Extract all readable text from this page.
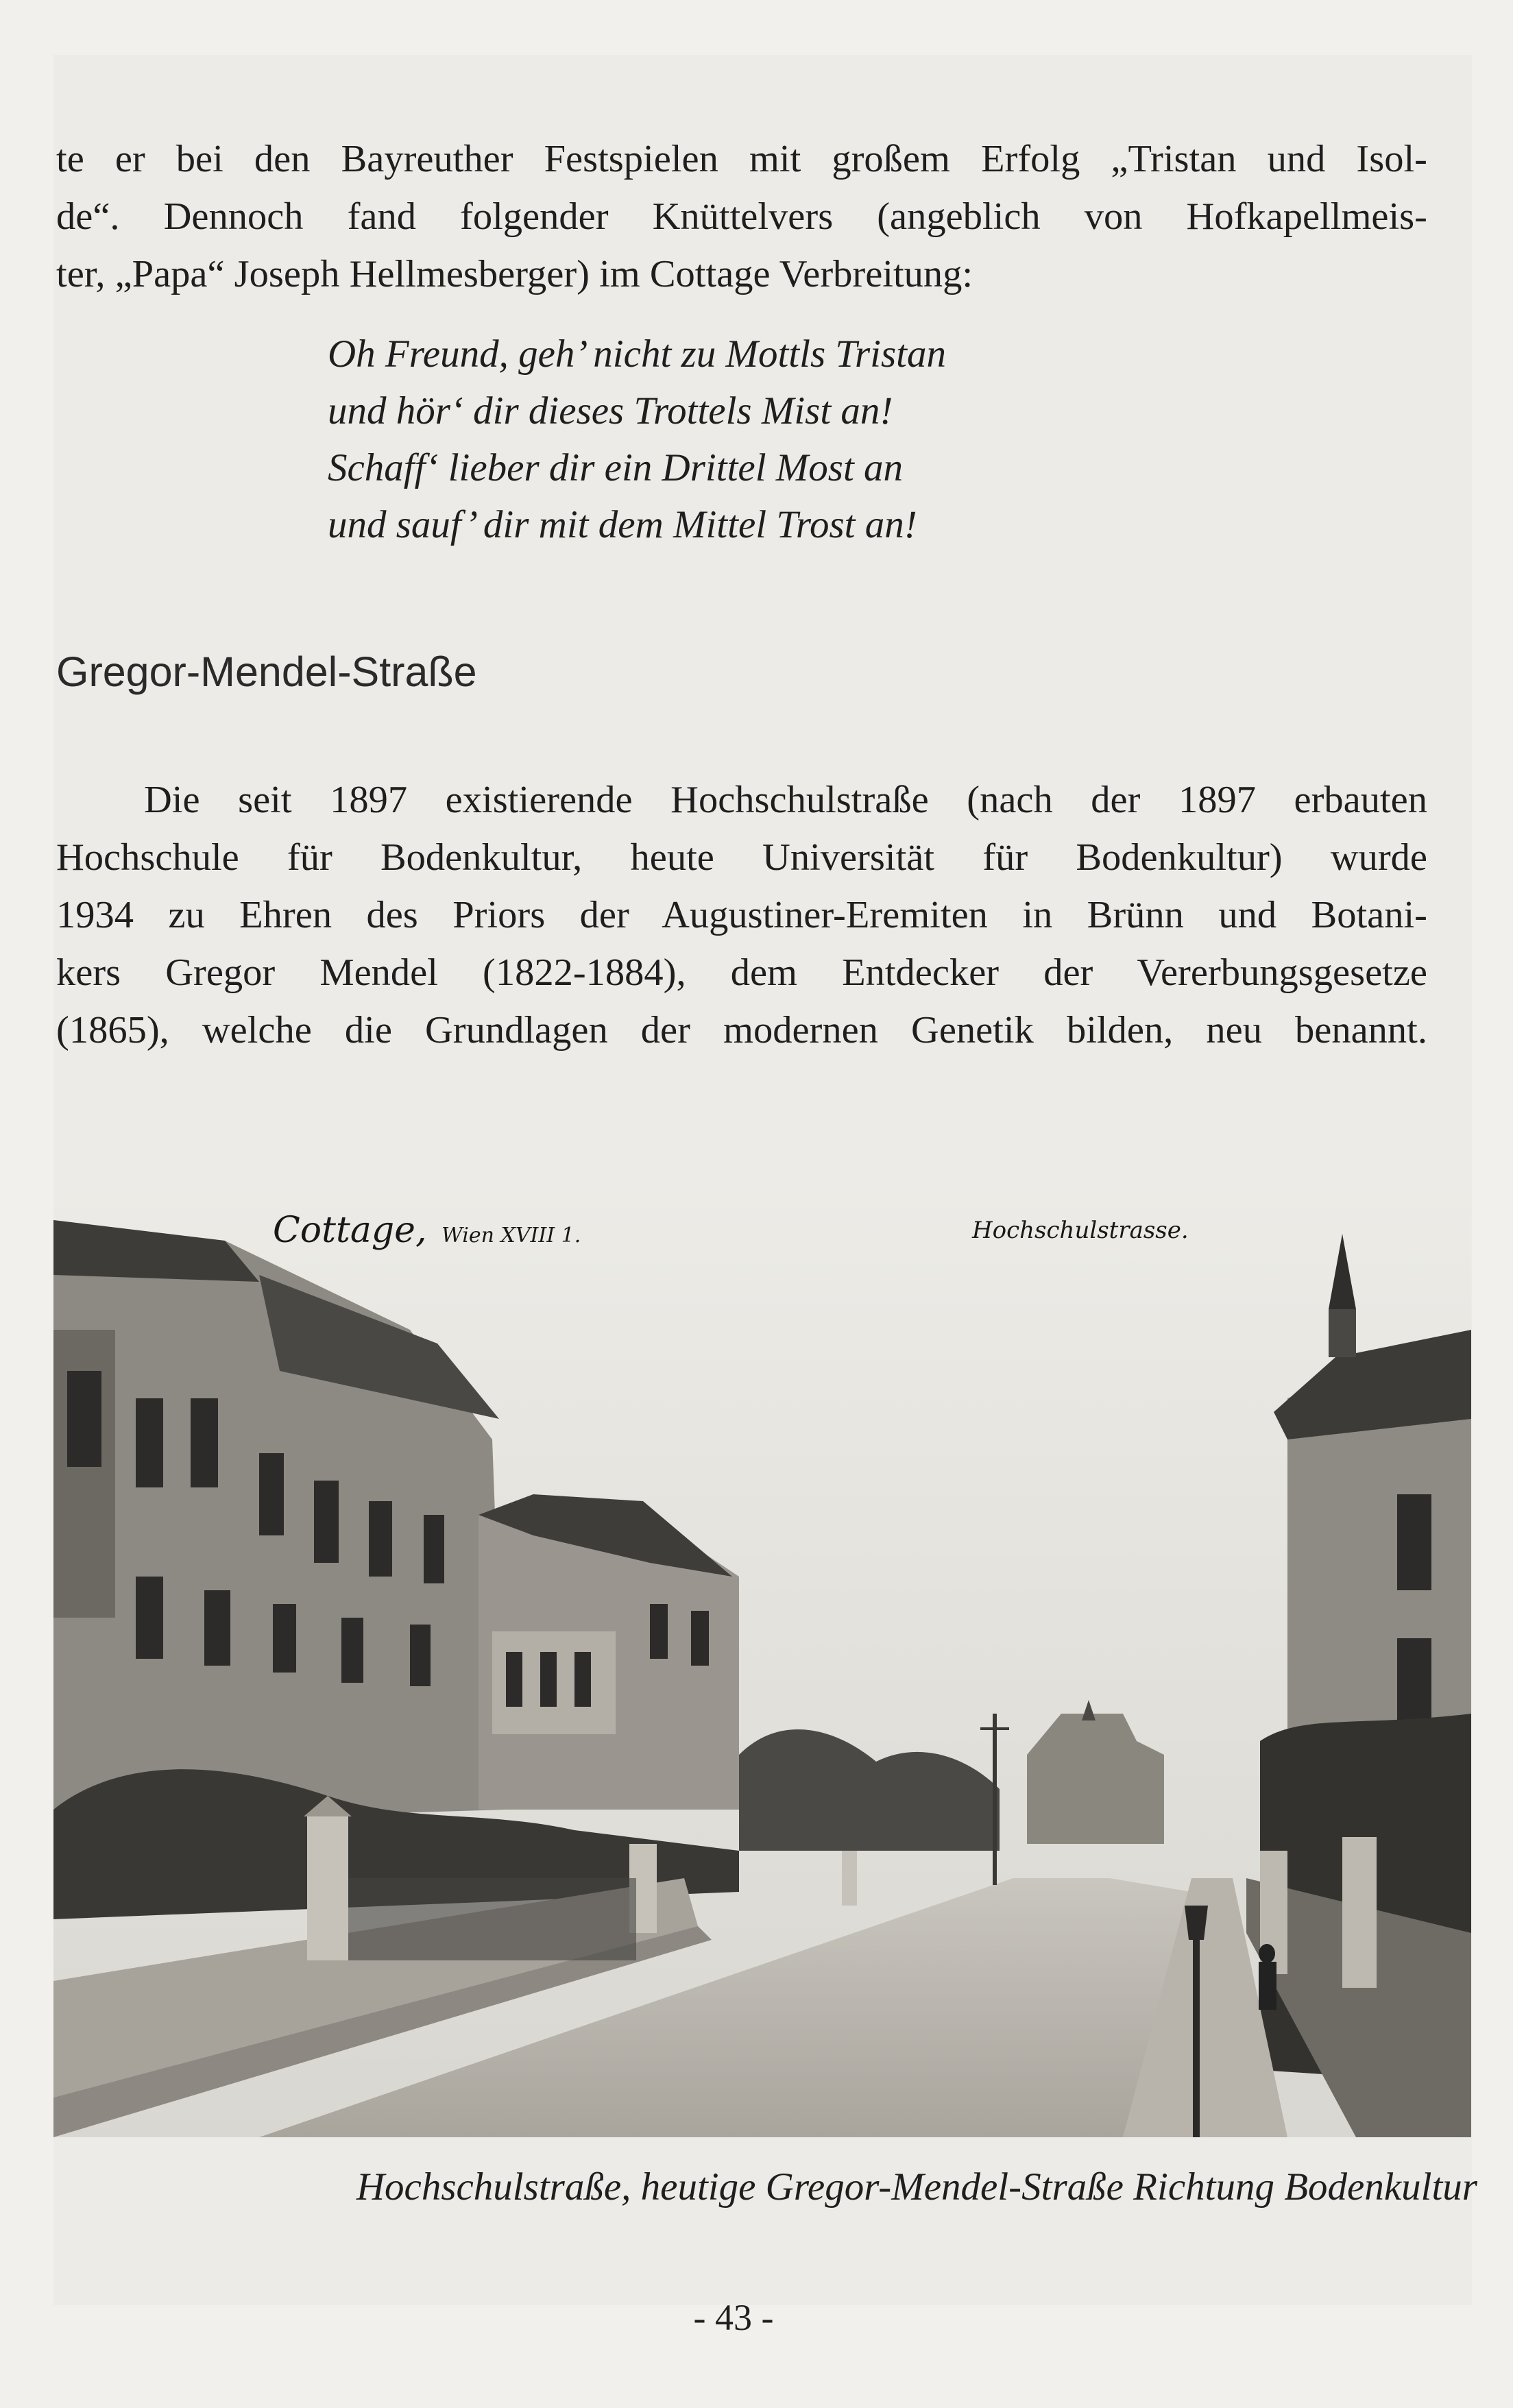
te er bei den Bayreuther Festspielen mit großem Erfolg „Tristan und Isol-
de“. Dennoch fand folgender Knüttelvers (angeblich von Hofkapellmeis-
ter, „Papa“ Joseph Hellmesberger) im Cottage Verbreitung:

Oh Freund, geh’ nicht zu Mottls Tristan
und hör‘ dir dieses Trottels Mist an!
Schaff‘ lieber dir ein Drittel Most an
und sauf’ dir mit dem Mittel Trost an!
Gregor-Mendel-Straße

Die seit 1897 existierende Hochschulstraße (nach der 1897 erbauten
Hochschule für Bodenkultur, heute Universität für Bodenkultur) wurde
1934 zu Ehren des Priors der Augustiner-Eremiten in Brünn und Botani-
kers Gregor Mendel (1822-1884), dem Entdecker der Vererbungsgesetze
(1865), welche die Grundlagen der modernen Genetik bilden, neu benannt.

Cottage, Wien XVIII 1.	Hochschulstrasse.
Hochschulstraße, heutige Gregor-Mendel-Straße Richtung Bodenkultur
- 43 -
